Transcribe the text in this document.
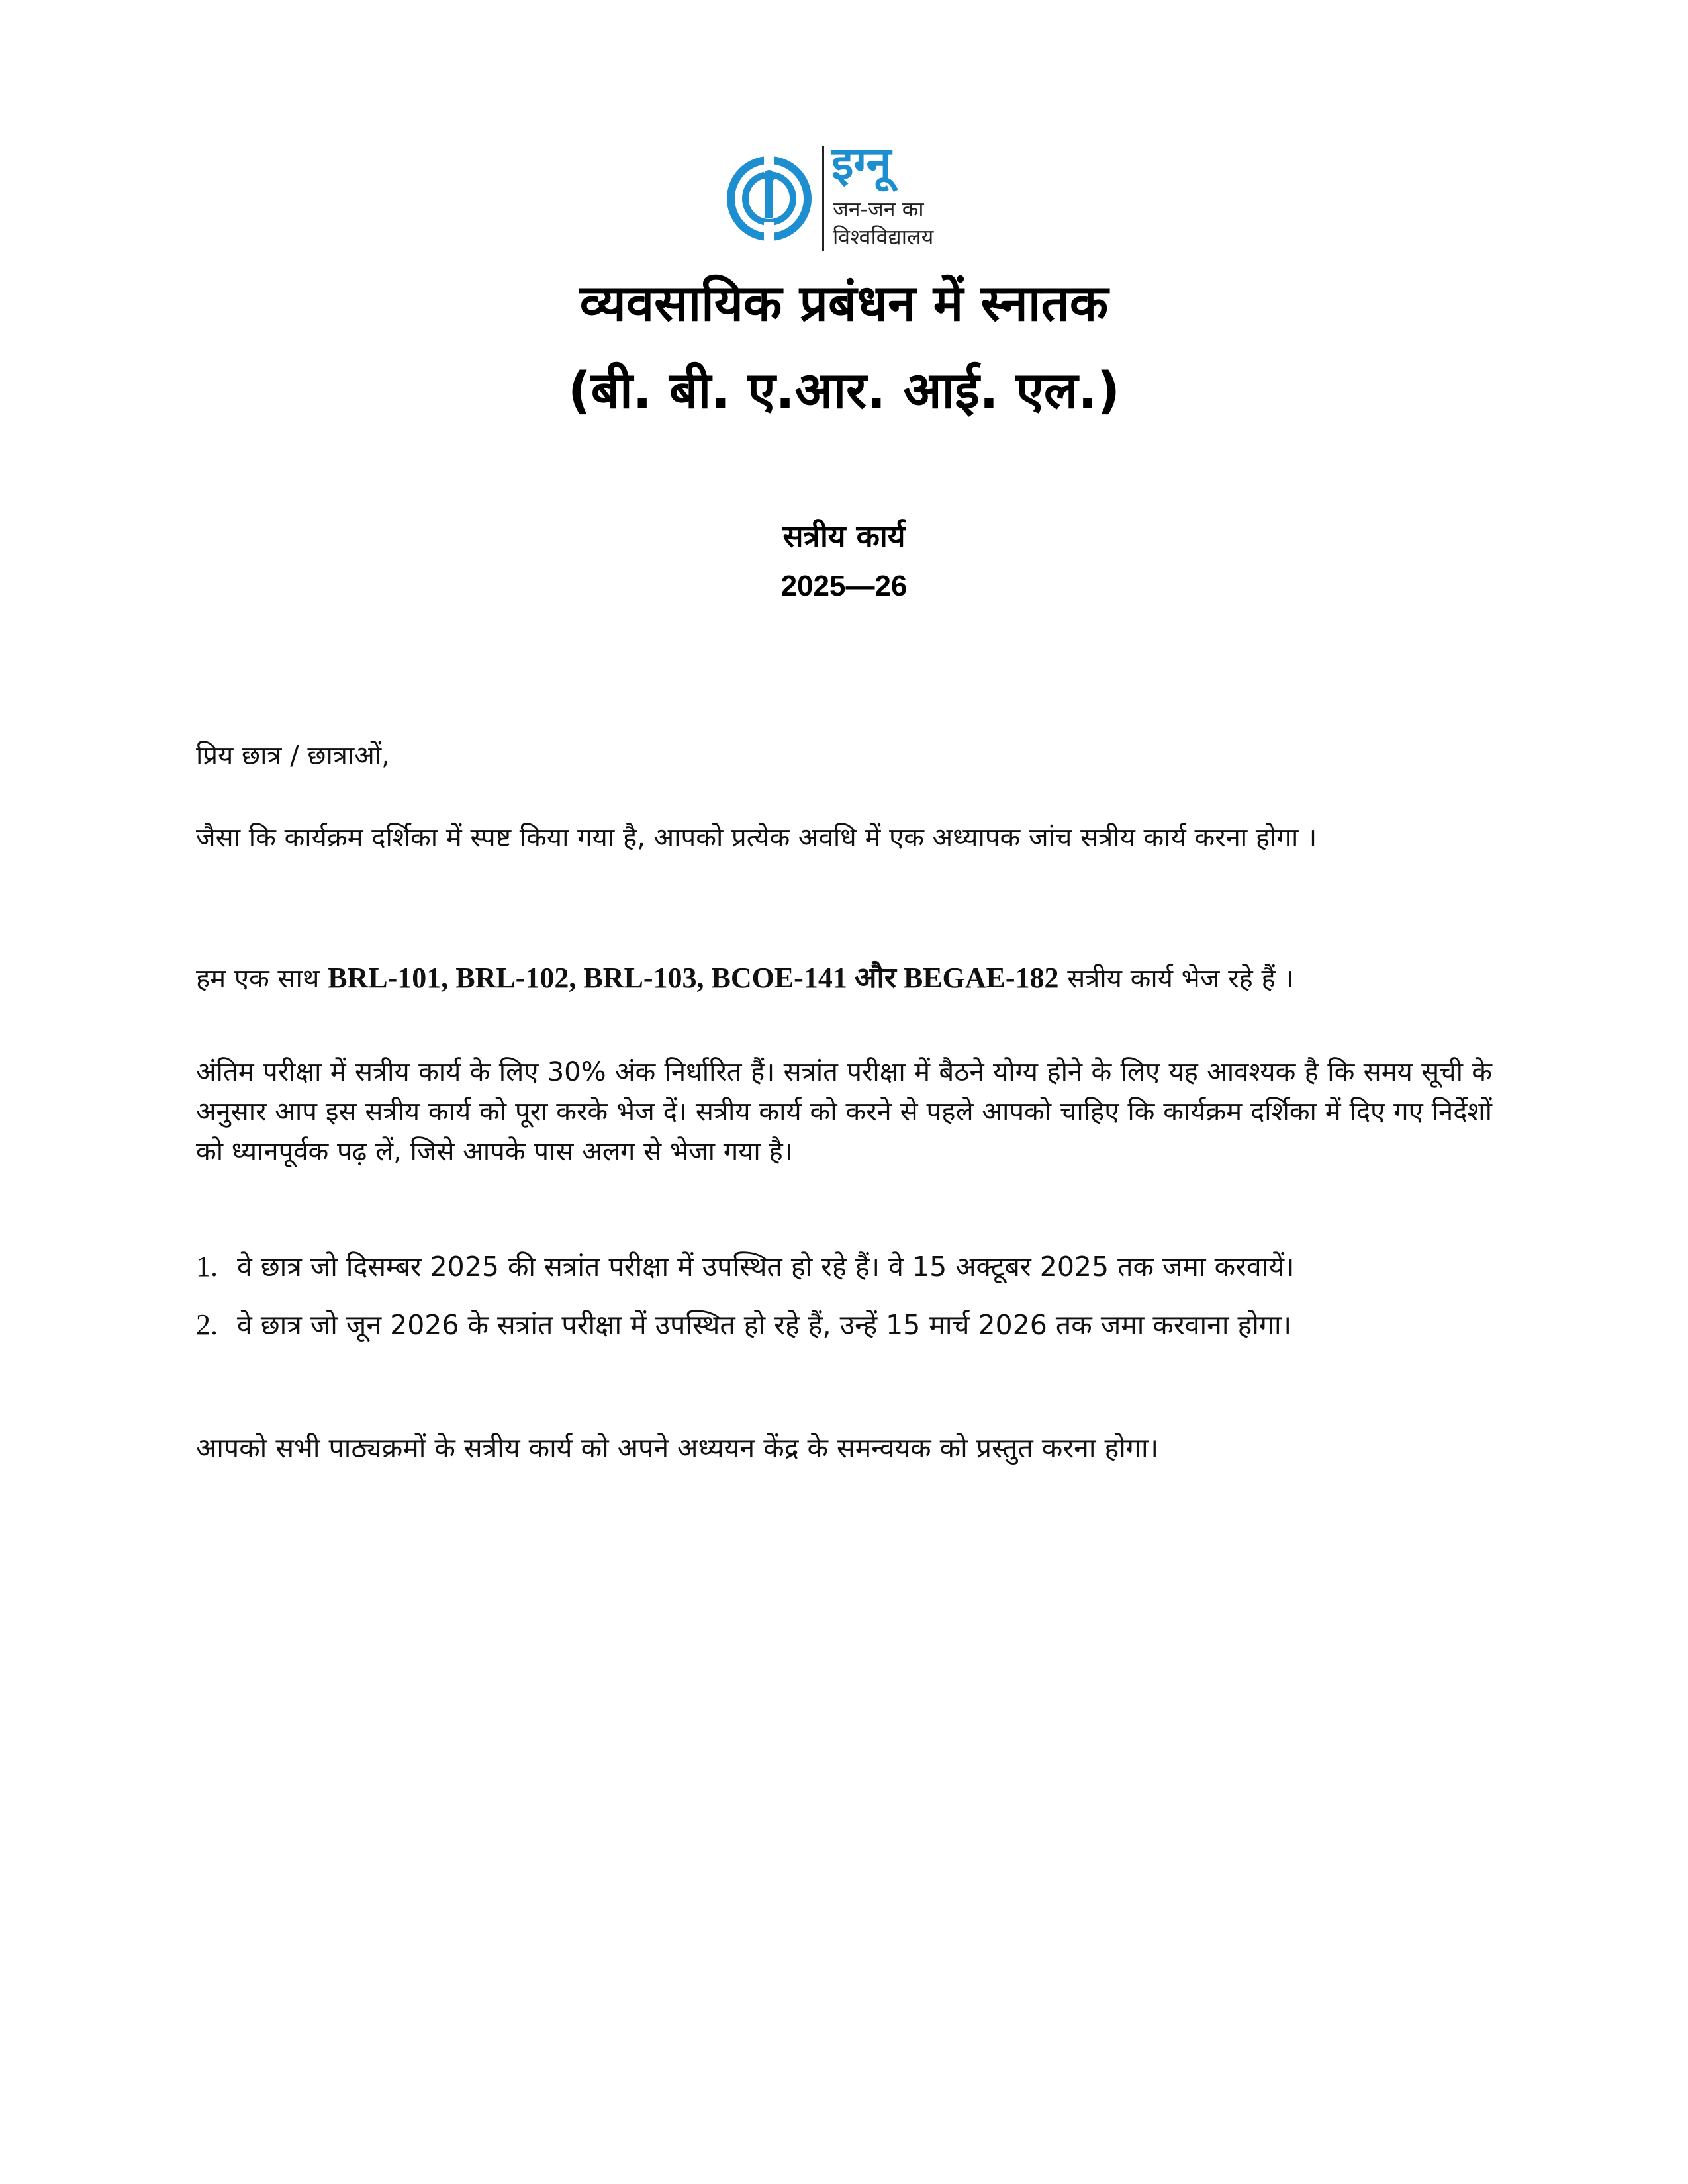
इग्नू
जन-जन का
विश्वविद्यालय
व्यवसायिक प्रबंधन में स्नातक
(बी. बी. ए.आर. आई. एल.)
सत्रीय कार्य
2025—26
प्रिय छात्र / छात्राओं,
जैसा कि कार्यक्रम दर्शिका में स्पष्ट किया गया है, आपको प्रत्येक अवधि में एक अध्यापक जांच सत्रीय कार्य करना होगा ।
हम एक साथ BRL-101, BRL-102, BRL-103, BCOE-141 और BEGAE-182 सत्रीय कार्य भेज रहे हैं ।
अंतिम परीक्षा में सत्रीय कार्य के लिए 30% अंक निर्धारित हैं। सत्रांत परीक्षा में बैठने योग्य होने के लिए यह आवश्यक है कि समय सूची के अनुसार आप इस सत्रीय कार्य को पूरा करके भेज दें। सत्रीय कार्य को करने से पहले आपको चाहिए कि कार्यक्रम दर्शिका में दिए गए निर्देशों को ध्यानपूर्वक पढ़ लें, जिसे आपके पास अलग से भेजा गया है।
1. वे छात्र जो दिसम्बर 2025 की सत्रांत परीक्षा में उपस्थित हो रहे हैं। वे 15 अक्टूबर 2025 तक जमा करवायें।
2. वे छात्र जो जून 2026 के सत्रांत परीक्षा में उपस्थित हो रहे हैं, उन्हें 15 मार्च 2026 तक जमा करवाना होगा।
आपको सभी पाठ्यक्रमों के सत्रीय कार्य को अपने अध्ययन केंद्र के समन्वयक को प्रस्तुत करना होगा।
